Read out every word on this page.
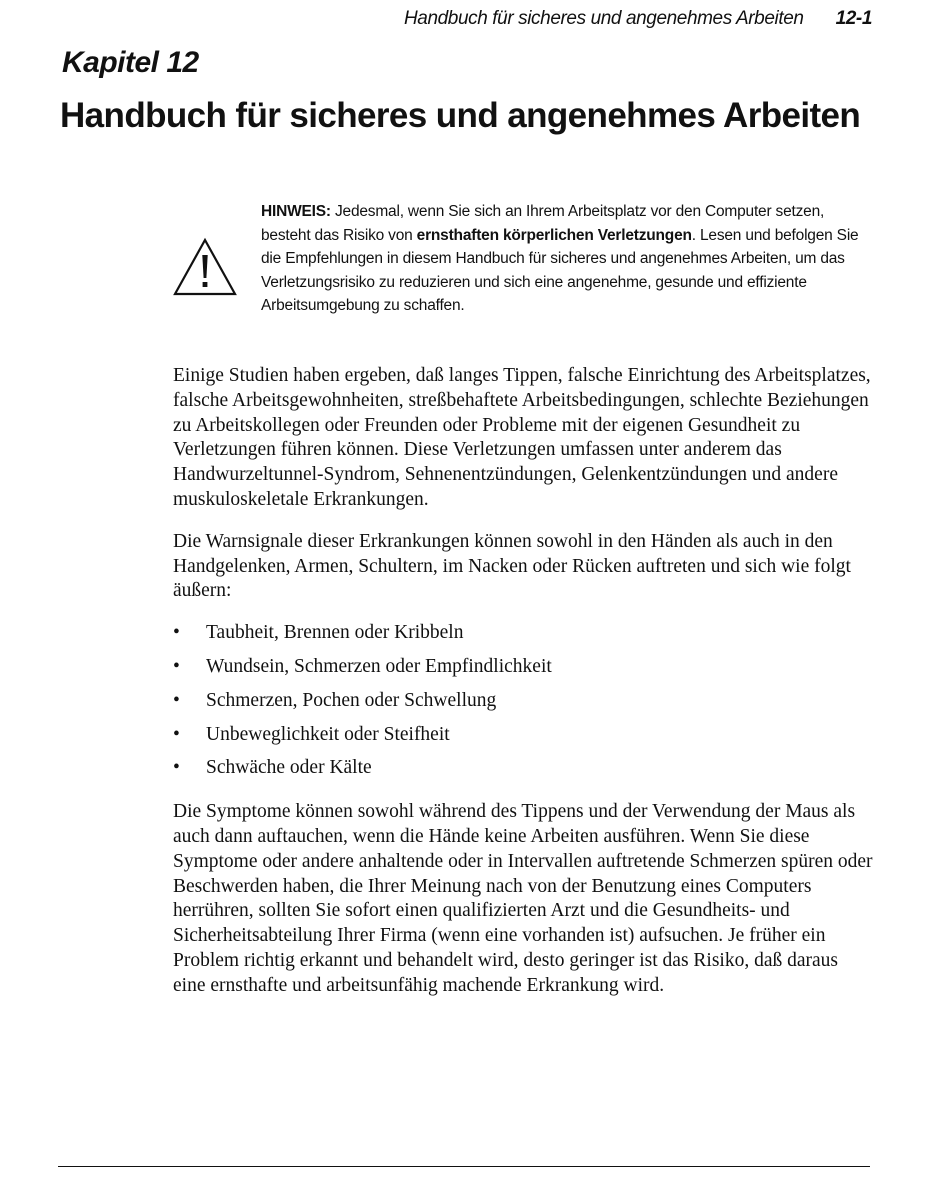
Handbuch für sicheres und angenehmes Arbeiten 12-1
Kapitel 12
Handbuch für sicheres und angenehmes Arbeiten
HINWEIS: Jedesmal, wenn Sie sich an Ihrem Arbeitsplatz vor den Computer setzen, besteht das Risiko von ernsthaften körperlichen Verletzungen. Lesen und befolgen Sie die Empfehlungen in diesem Handbuch für sicheres und angenehmes Arbeiten, um das Verletzungsrisiko zu reduzieren und sich eine angenehme, gesunde und effiziente Arbeitsumgebung zu schaffen.

Einige Studien haben ergeben, daß langes Tippen, falsche Einrichtung des Arbeitsplatzes, falsche Arbeitsgewohnheiten, streßbehaftete Arbeitsbedingungen, schlechte Beziehungen zu Arbeitskollegen oder Freunden oder Probleme mit der eigenen Gesundheit zu Verletzungen führen können. Diese Verletzungen umfassen unter anderem das Handwurzeltunnel-Syndrom, Sehnenentzündungen, Gelenkentzündungen und andere muskuloskeletale Erkrankungen.

Die Warnsignale dieser Erkrankungen können sowohl in den Händen als auch in den Handgelenken, Armen, Schultern, im Nacken oder Rücken auftreten und sich wie folgt äußern:

• Taubheit, Brennen oder Kribbeln
• Wundsein, Schmerzen oder Empfindlichkeit
• Schmerzen, Pochen oder Schwellung
• Unbeweglichkeit oder Steifheit
• Schwäche oder Kälte

Die Symptome können sowohl während des Tippens und der Verwendung der Maus als auch dann auftauchen, wenn die Hände keine Arbeiten ausführen. Wenn Sie diese Symptome oder andere anhaltende oder in Intervallen auftretende Schmerzen spüren oder Beschwerden haben, die Ihrer Meinung nach von der Benutzung eines Computers herrühren, sollten Sie sofort einen qualifizierten Arzt und die Gesundheits- und Sicherheitsabteilung Ihrer Firma (wenn eine vorhanden ist) aufsuchen. Je früher ein Problem richtig erkannt und behandelt wird, desto geringer ist das Risiko, daß daraus eine ernsthafte und arbeitsunfähig machende Erkrankung wird.
